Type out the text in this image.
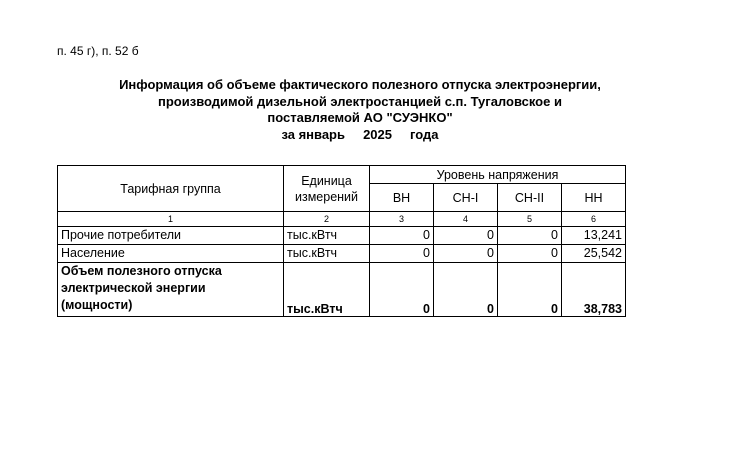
п. 45 г), п. 52 б
Информация об объеме фактического полезного отпуска электроэнергии,
производимой дизельной электростанцией с.п. Тугаловское и
поставляемой АО "СУЭНКО"
за январь 2025 года
Тарифная группа	Единица измерений	Уровень напряжения			
		ВН	СН-I	СН-II	НН
1	2	3	4	5	6
Прочие потребители	тыс.кВтч	0	0	0	13,241
Население	тыс.кВтч	0	0	0	25,542
Объем полезного отпуска электрической энергии (мощности)	тыс.кВтч	0	0	0	38,783
